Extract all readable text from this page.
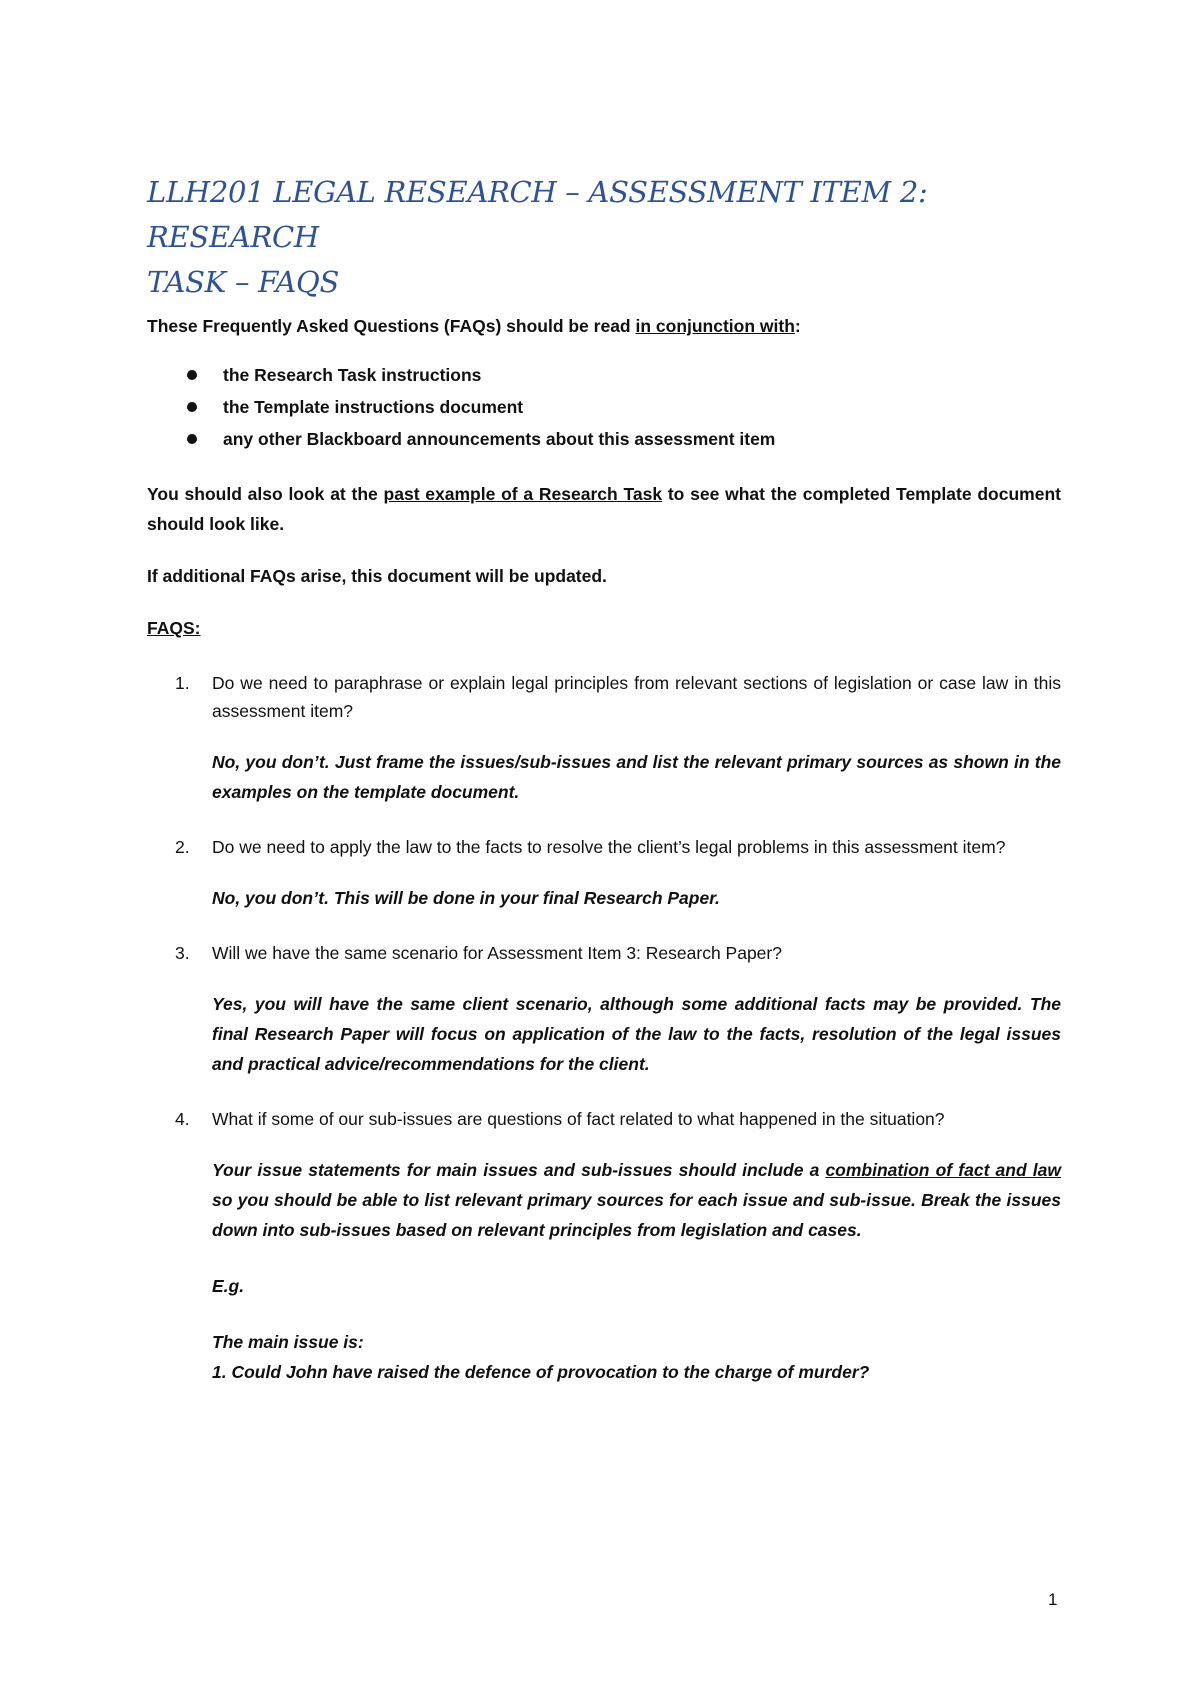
LLH201 LEGAL RESEARCH – ASSESSMENT ITEM 2: RESEARCH
TASK – FAQS

These Frequently Asked Questions (FAQs) should be read in conjunction with:

the Research Task instructions
the Template instructions document
any other Blackboard announcements about this assessment item

You should also look at the past example of a Research Task to see what the completed Template document should look like.

If additional FAQs arise, this document will be updated.

FAQS:

1. Do we need to paraphrase or explain legal principles from relevant sections of legislation or case law in this assessment item?

No, you don’t. Just frame the issues/sub-issues and list the relevant primary sources as shown in the examples on the template document.

2. Do we need to apply the law to the facts to resolve the client’s legal problems in this assessment item?

No, you don’t. This will be done in your final Research Paper.

3. Will we have the same scenario for Assessment Item 3: Research Paper?

Yes, you will have the same client scenario, although some additional facts may be provided. The final Research Paper will focus on application of the law to the facts, resolution of the legal issues and practical advice/recommendations for the client.

4. What if some of our sub-issues are questions of fact related to what happened in the situation?

Your issue statements for main issues and sub-issues should include a combination of fact and law so you should be able to list relevant primary sources for each issue and sub-issue. Break the issues down into sub-issues based on relevant principles from legislation and cases.

E.g.

The main issue is:
1. Could John have raised the defence of provocation to the charge of murder?

1
